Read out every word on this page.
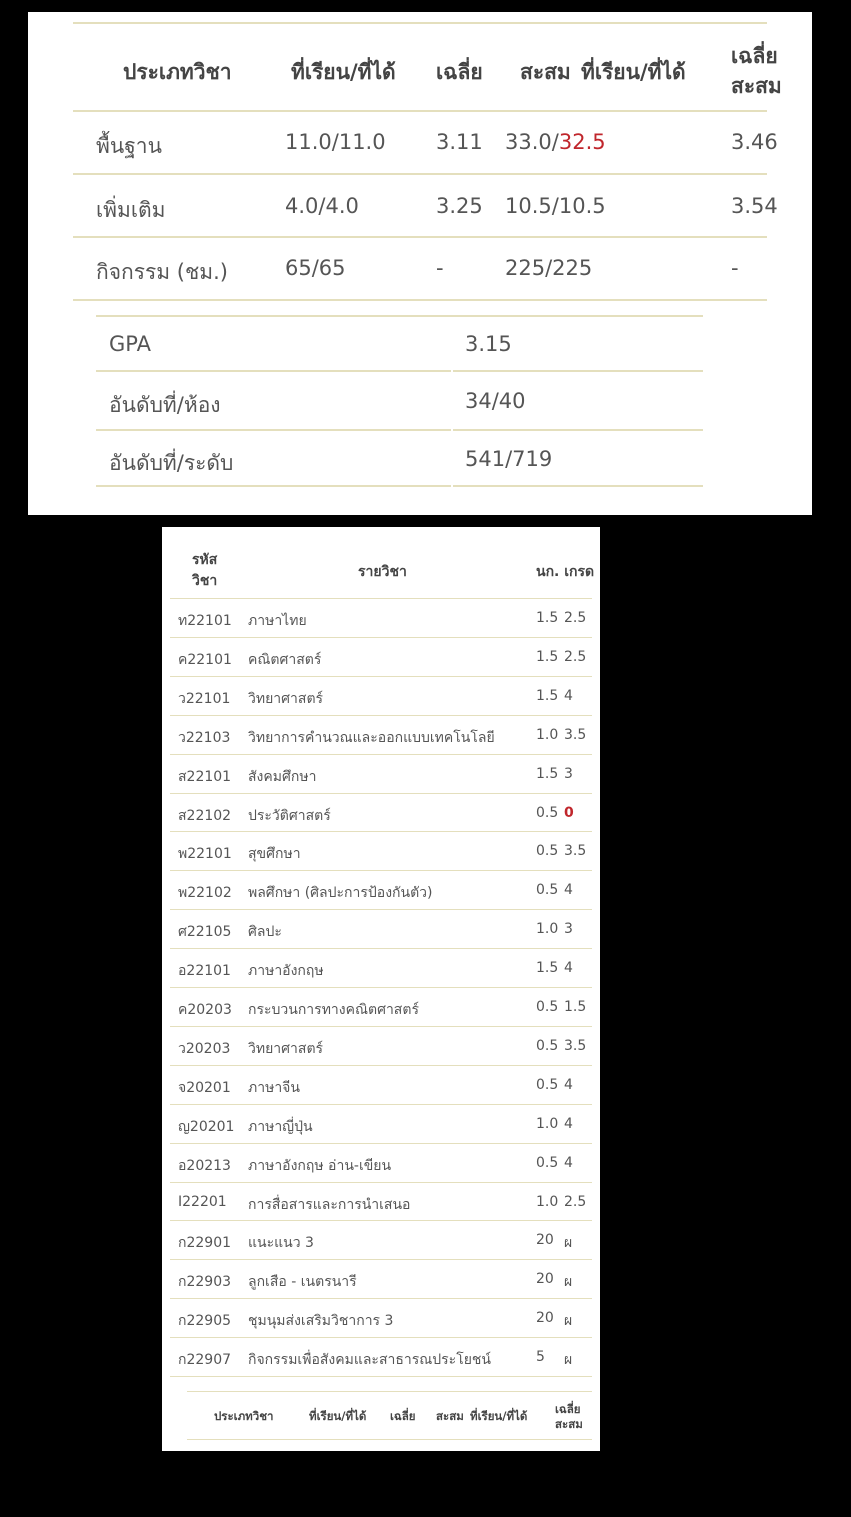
ประเภทวิชา	ที่เรียน/ที่ได้ เฉลี่ย สะสม ที่เรียน/ที่ได้
เฉลี่ย
สะสม
พื้นฐาน	11.0/11.0 3.11 33.0/32.5	3.46
เพิ่มเติม	4.0/4.0	3.25 10.5/10.5	3.54
กิจกรรม (ชม.)	65/65	-	225/225	-
GPA	3.15
อันดับที่/ห้อง	34/40
อันดับที่/ระดับ	541/719
รหัส
วิชา
รายวิชา	นก. เกรด
ท22101 ภาษาไทย	1.5 2.5
ค22101 คณิตศาสตร์	1.5 2.5
ว22101 วิทยาศาสตร์	1.5 4
ว22103 วิทยาการคำนวณและออกแบบเทคโนโลยี	1.0 3.5
ส22101 สังคมศึกษา	1.5 3
ส22102 ประวัติศาสตร์	0.5 0
พ22101 สุขศึกษา	0.5 3.5
พ22102 พลศึกษา (ศิลปะการป้องกันตัว)	0.5 4
ศ22105 ศิลปะ	1.0 3
อ22101 ภาษาอังกฤษ	1.5 4
ค20203 กระบวนการทางคณิตศาสตร์	0.5 1.5
ว20203 วิทยาศาสตร์	0.5 3.5
จ20201 ภาษาจีน	0.5 4
ญ20201 ภาษาญี่ปุ่น	1.0 4
อ20213 ภาษาอังกฤษ อ่าน-เขียน	0.5 4
I22201 การสื่อสารและการนำเสนอ	1.0 2.5
ก22901 แนะแนว 3	20 ผ
ก22903 ลูกเสือ - เนตรนารี	20 ผ
ก22905 ชุมนุมส่งเสริมวิชาการ 3	20 ผ
ก22907 กิจกรรมเพื่อสังคมและสาธารณประโยชน์	5 ผ
ประเภทวิชา	ที่เรียน/ที่ได้ เฉลี่ย สะสม ที่เรียน/ที่ได้ เฉลี่ย
สะสม
